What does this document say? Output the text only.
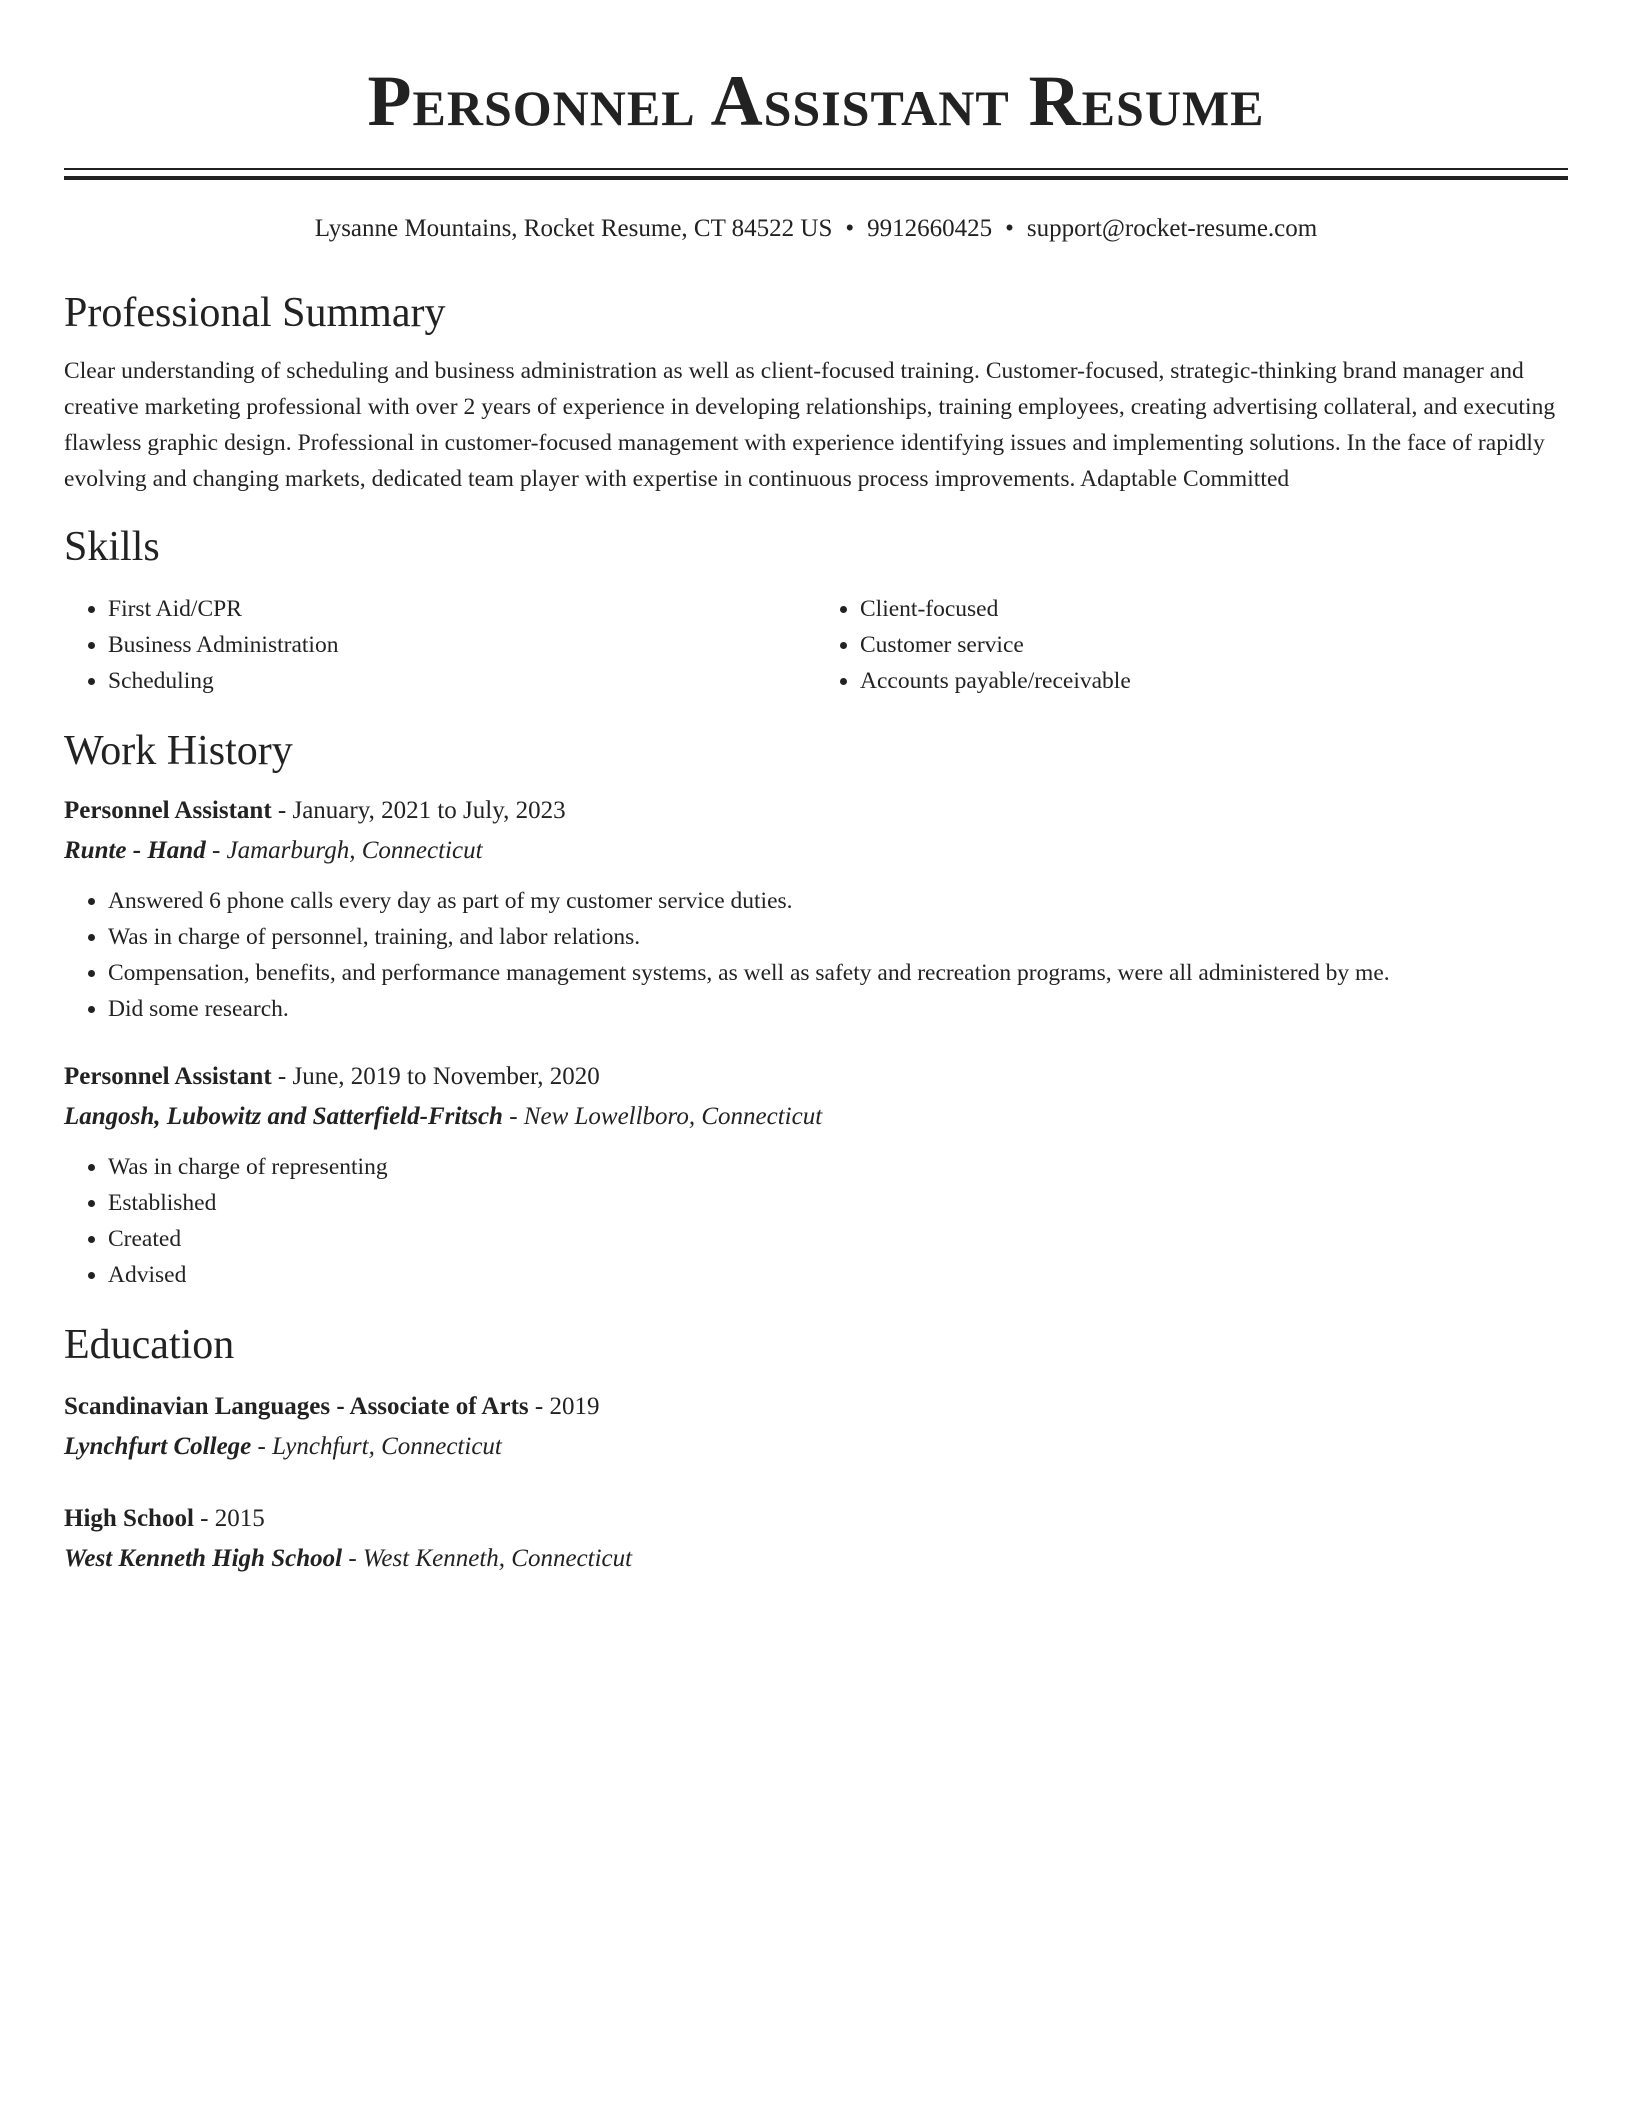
Personnel Assistant Resume
Lysanne Mountains, Rocket Resume, CT 84522 US • 9912660425 • support@rocket-resume.com
Professional Summary
Clear understanding of scheduling and business administration as well as client-focused training. Customer-focused, strategic-thinking brand manager and creative marketing professional with over 2 years of experience in developing relationships, training employees, creating advertising collateral, and executing flawless graphic design. Professional in customer-focused management with experience identifying issues and implementing solutions. In the face of rapidly evolving and changing markets, dedicated team player with expertise in continuous process improvements. Adaptable Committed
Skills
• First Aid/CPR
• Business Administration
• Scheduling
• Client-focused
• Customer service
• Accounts payable/receivable
Work History
Personnel Assistant - January, 2021 to July, 2023
Runte - Hand - Jamarburgh, Connecticut
• Answered 6 phone calls every day as part of my customer service duties.
• Was in charge of personnel, training, and labor relations.
• Compensation, benefits, and performance management systems, as well as safety and recreation programs, were all administered by me.
• Did some research.
Personnel Assistant - June, 2019 to November, 2020
Langosh, Lubowitz and Satterfield-Fritsch - New Lowellboro, Connecticut
• Was in charge of representing
• Established
• Created
• Advised
Education
Scandinavian Languages - Associate of Arts - 2019
Lynchfurt College - Lynchfurt, Connecticut
High School - 2015
West Kenneth High School - West Kenneth, Connecticut
